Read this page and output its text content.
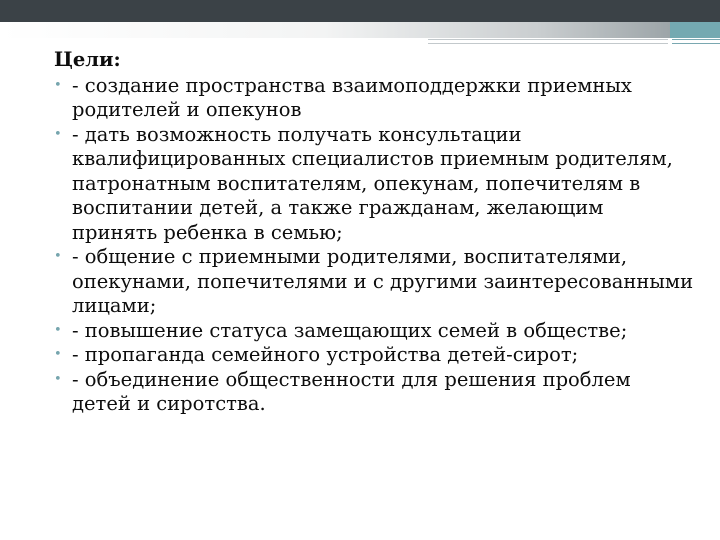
Цели:
• - создание пространства взаимоподдержки приемных родителей и опекунов
• - дать возможность получать консультации квалифицированных специалистов приемным родителям, патронатным воспитателям, опекунам, попечителям в воспитании детей, а также гражданам, желающим принять ребенка в семью;
• - общение с приемными родителями, воспитателями, опекунами, попечителями и с другими заинтересованными лицами;
• - повышение статуса замещающих семей в обществе;
• - пропаганда семейного устройства детей-сирот;
• - объединение общественности для решения проблем детей и сиротства.
